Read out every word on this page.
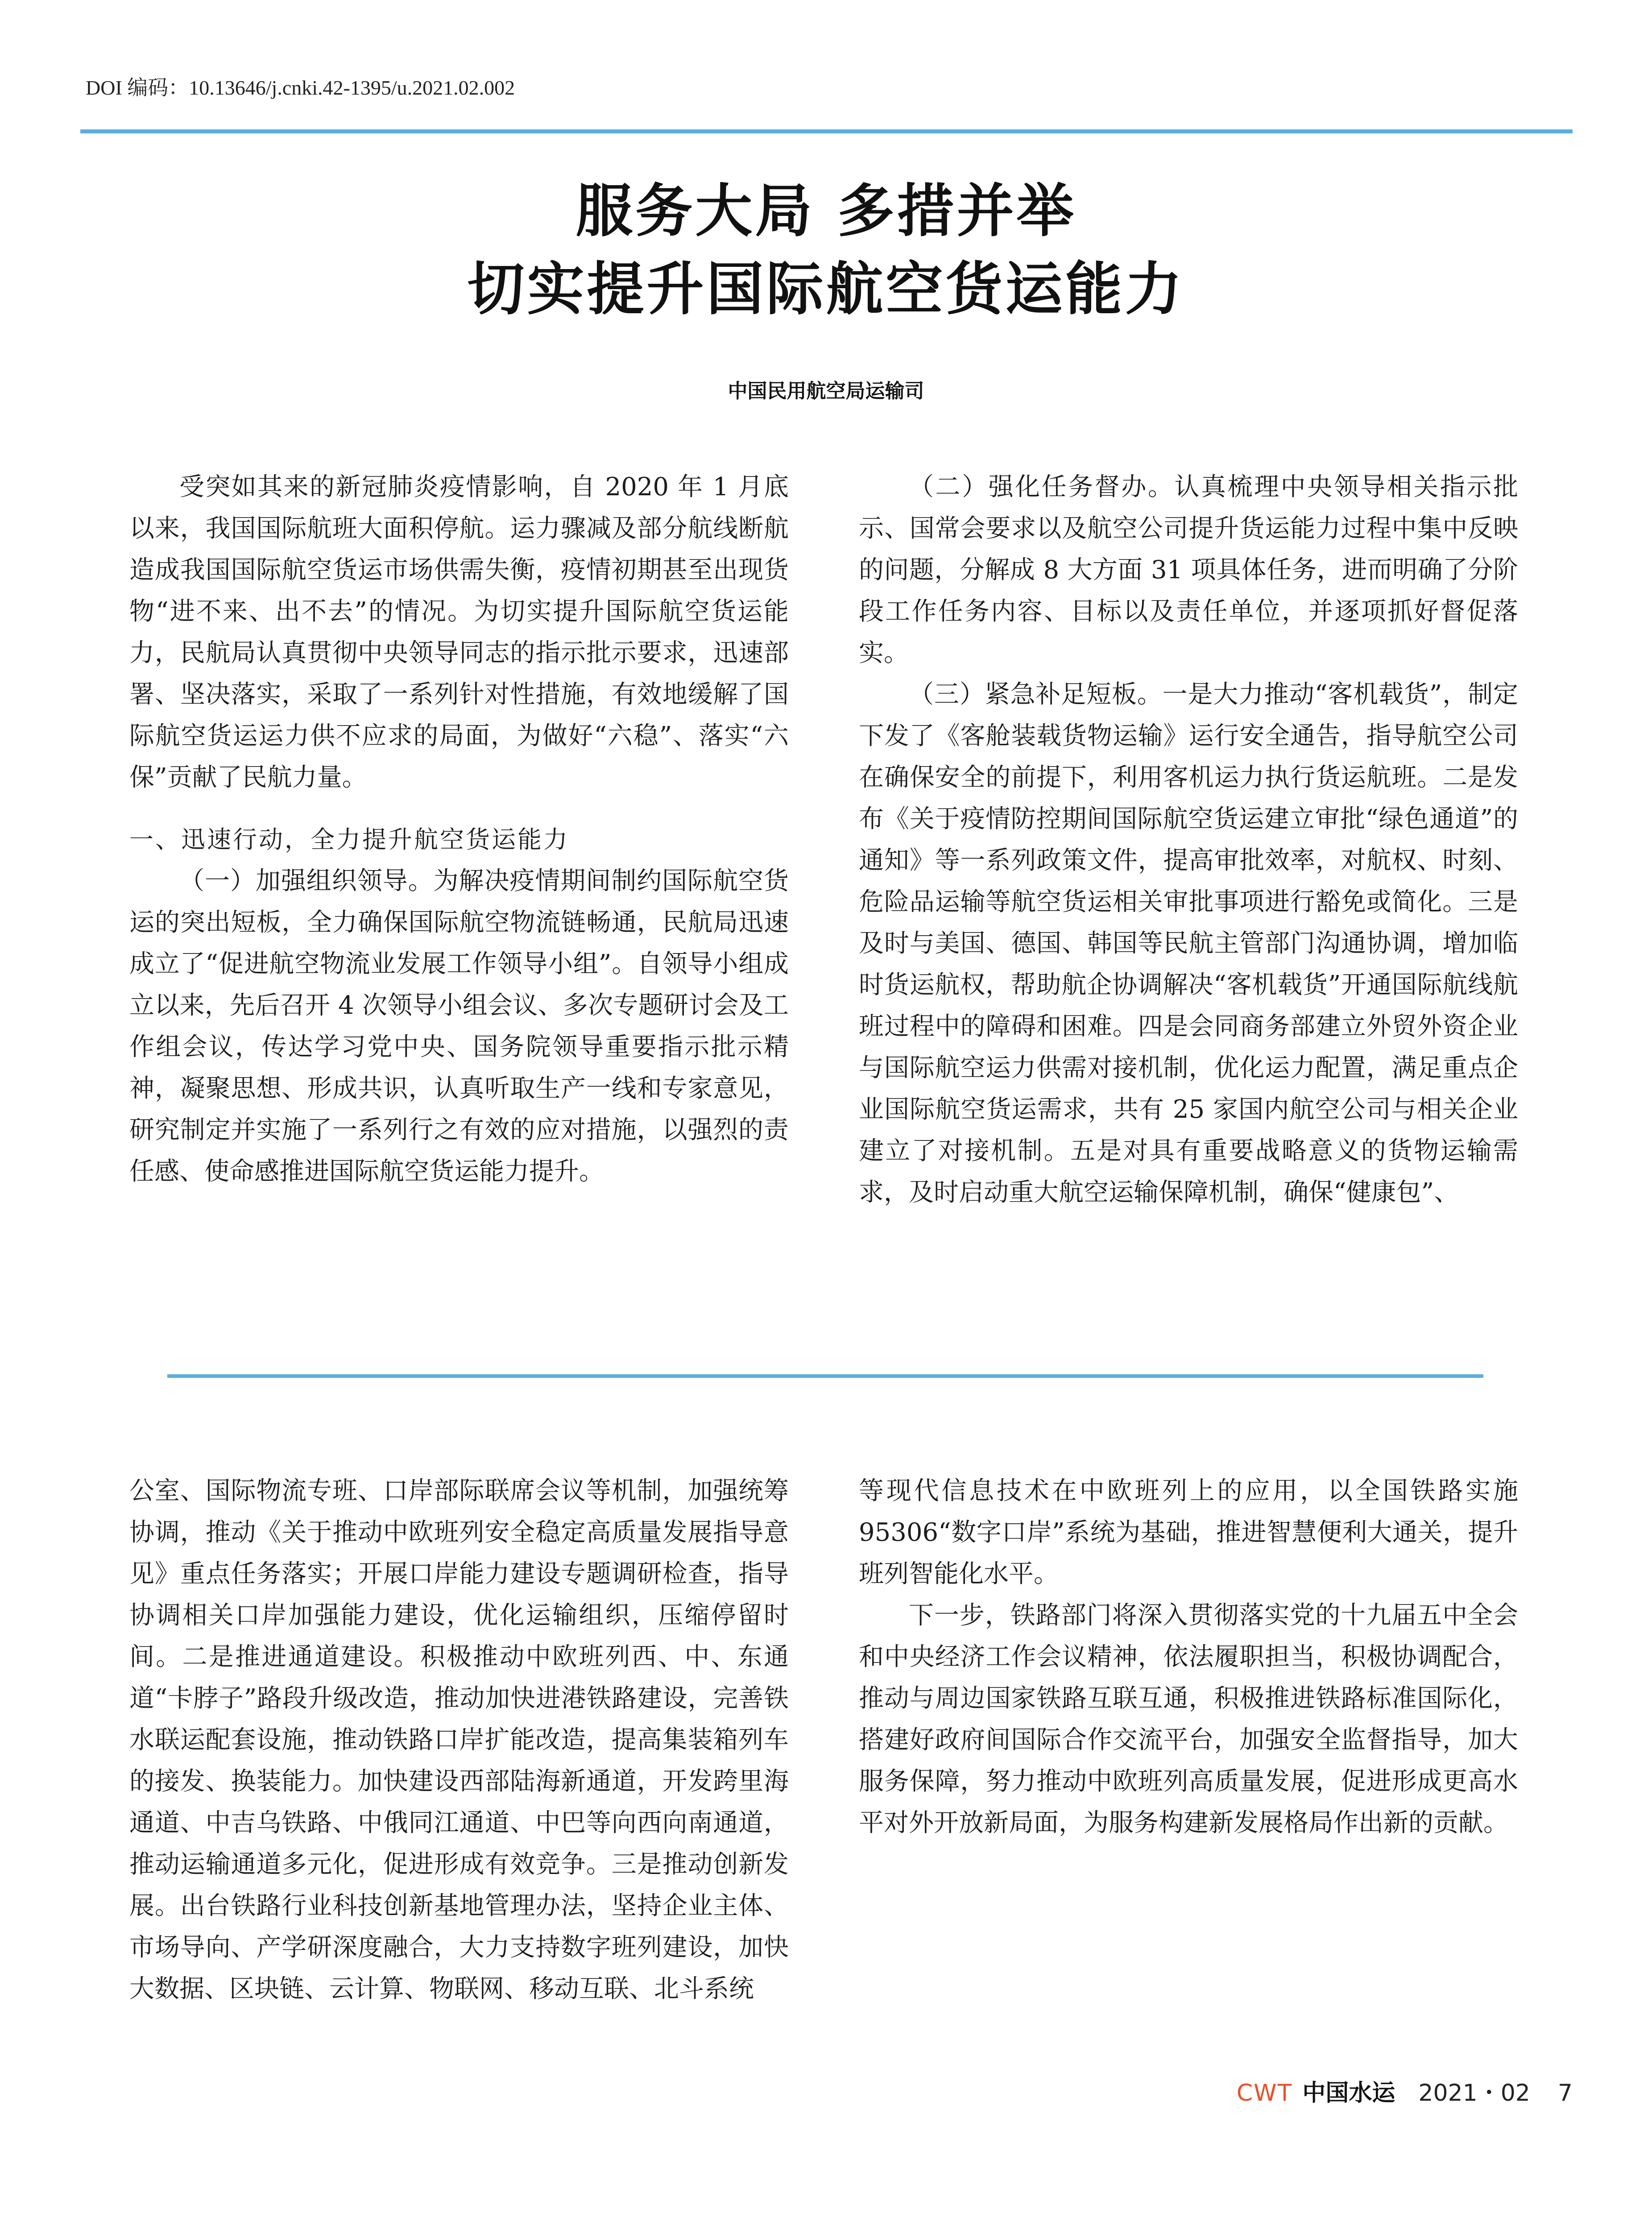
DOI 编码：10.13646/j.cnki.42-1395/u.2021.02.002
服务大局 多措并举
切实提升国际航空货运能力
中国民用航空局运输司

受突如其来的新冠肺炎疫情影响，自 2020 年 1 月底以来，我国国际航班大面积停航。运力骤减及部分航线断航造成我国国际航空货运市场供需失衡，疫情初期甚至出现货物“进不来、出不去”的情况。为切实提升国际航空货运能力，民航局认真贯彻中央领导同志的指示批示要求，迅速部署、坚决落实，采取了一系列针对性措施，有效地缓解了国际航空货运运力供不应求的局面，为做好“六稳”、落实“六保”贡献了民航力量。

一、迅速行动，全力提升航空货运能力

（一）加强组织领导。为解决疫情期间制约国际航空货运的突出短板，全力确保国际航空物流链畅通，民航局迅速成立了“促进航空物流业发展工作领导小组”。自领导小组成立以来，先后召开 4 次领导小组会议、多次专题研讨会及工作组会议，传达学习党中央、国务院领导重要指示批示精神，凝聚思想、形成共识，认真听取生产一线和专家意见，研究制定并实施了一系列行之有效的应对措施，以强烈的责任感、使命感推进国际航空货运能力提升。

（二）强化任务督办。认真梳理中央领导相关指示批示、国常会要求以及航空公司提升货运能力过程中集中反映的问题，分解成 8 大方面 31 项具体任务，进而明确了分阶段工作任务内容、目标以及责任单位，并逐项抓好督促落实。

（三）紧急补足短板。一是大力推动“客机载货”，制定下发了《客舱装载货物运输》运行安全通告，指导航空公司在确保安全的前提下，利用客机运力执行货运航班。二是发布《关于疫情防控期间国际航空货运建立审批“绿色通道”的通知》等一系列政策文件，提高审批效率，对航权、时刻、危险品运输等航空货运相关审批事项进行豁免或简化。三是及时与美国、德国、韩国等民航主管部门沟通协调，增加临时货运航权，帮助航企协调解决“客机载货”开通国际航线航班过程中的障碍和困难。四是会同商务部建立外贸外资企业与国际航空运力供需对接机制，优化运力配置，满足重点企业国际航空货运需求，共有 25 家国内航空公司与相关企业建立了对接机制。五是对具有重要战略意义的货物运输需求，及时启动重大航空运输保障机制，确保“健康包”、

公室、国际物流专班、口岸部际联席会议等机制，加强统筹协调，推动《关于推动中欧班列安全稳定高质量发展指导意见》重点任务落实；开展口岸能力建设专题调研检查，指导协调相关口岸加强能力建设，优化运输组织，压缩停留时间。二是推进通道建设。积极推动中欧班列西、中、东通道“卡脖子”路段升级改造，推动加快进港铁路建设，完善铁水联运配套设施，推动铁路口岸扩能改造，提高集装箱列车的接发、换装能力。加快建设西部陆海新通道，开发跨里海通道、中吉乌铁路、中俄同江通道、中巴等向西向南通道，推动运输通道多元化，促进形成有效竞争。三是推动创新发展。出台铁路行业科技创新基地管理办法，坚持企业主体、市场导向、产学研深度融合，大力支持数字班列建设，加快大数据、区块链、云计算、物联网、移动互联、北斗系统

等现代信息技术在中欧班列上的应用，以全国铁路实施 95306“数字口岸”系统为基础，推进智慧便利大通关，提升班列智能化水平。

下一步，铁路部门将深入贯彻落实党的十九届五中全会和中央经济工作会议精神，依法履职担当，积极协调配合，推动与周边国家铁路互联互通，积极推进铁路标准国际化，搭建好政府间国际合作交流平台，加强安全监督指导，加大服务保障，努力推动中欧班列高质量发展，促进形成更高水平对外开放新局面，为服务构建新发展格局作出新的贡献。

CWT 中国水运 2021・02 7
